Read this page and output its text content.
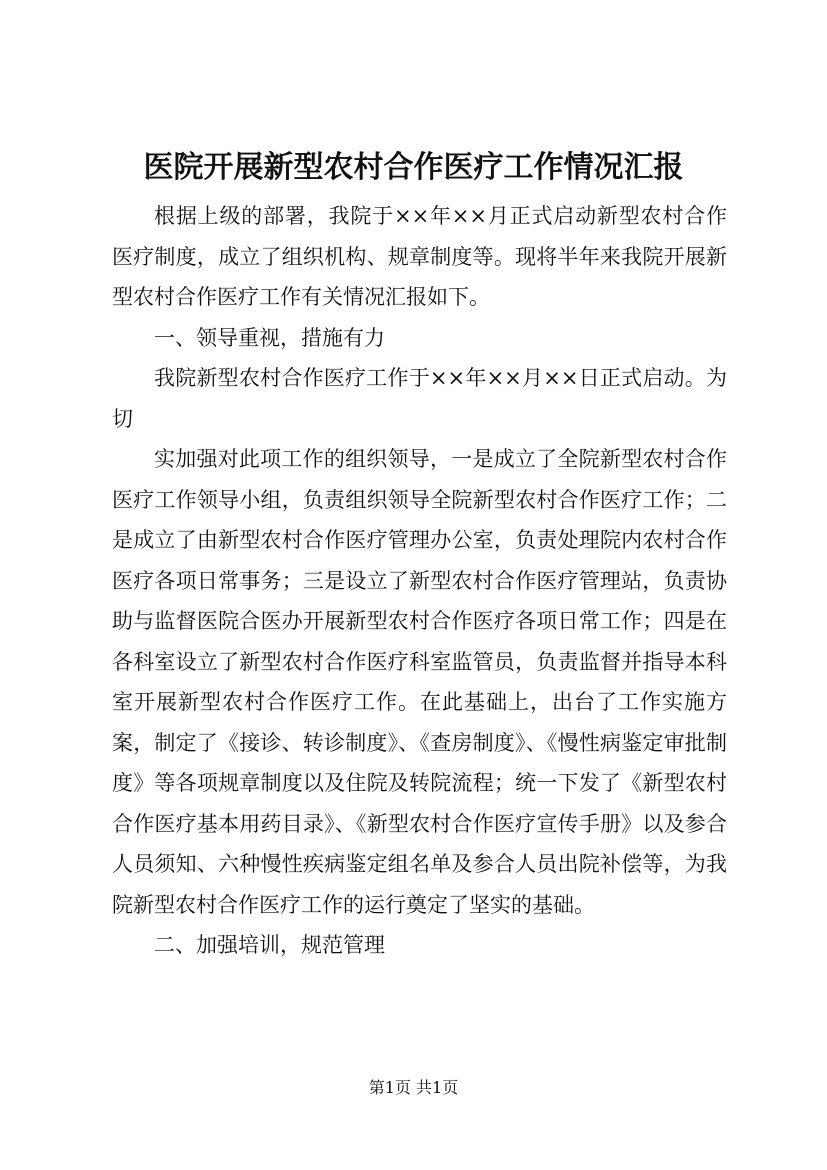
医院开展新型农村合作医疗工作情况汇报

根据上级的部署，我院于××年××月正式启动新型农村合作医疗制度，成立了组织机构、规章制度等。现将半年来我院开展新型农村合作医疗工作有关情况汇报如下。

一、领导重视，措施有力

我院新型农村合作医疗工作于××年××月××日正式启动。为切

实加强对此项工作的组织领导，一是成立了全院新型农村合作医疗工作领导小组，负责组织领导全院新型农村合作医疗工作；二是成立了由新型农村合作医疗管理办公室，负责处理院内农村合作医疗各项日常事务；三是设立了新型农村合作医疗管理站，负责协助与监督医院合医办开展新型农村合作医疗各项日常工作；四是在各科室设立了新型农村合作医疗科室监管员，负责监督并指导本科室开展新型农村合作医疗工作。在此基础上，出台了工作实施方案，制定了《接诊、转诊制度》、《查房制度》、《慢性病鉴定审批制度》等各项规章制度以及住院及转院流程；统一下发了《新型农村合作医疗基本用药目录》、《新型农村合作医疗宣传手册》以及参合人员须知、六种慢性疾病鉴定组名单及参合人员出院补偿等，为我院新型农村合作医疗工作的运行奠定了坚实的基础。

二、加强培训，规范管理

第1页 共1页
